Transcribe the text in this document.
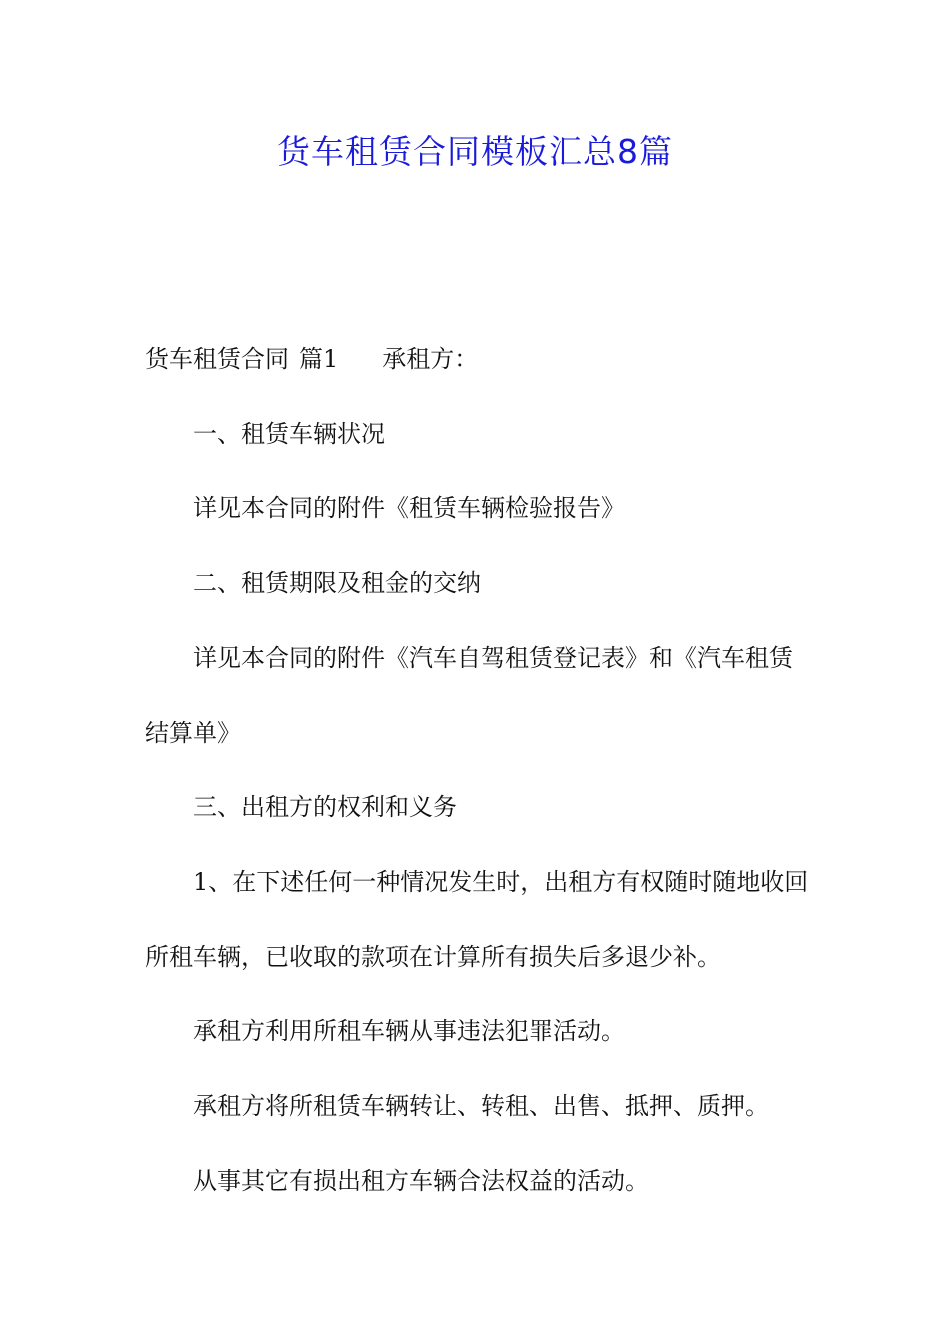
货车租赁合同模板汇总8篇

货车租赁合同 篇1 承租方：

一、租赁车辆状况

详见本合同的附件《租赁车辆检验报告》

二、租赁期限及租金的交纳

详见本合同的附件《汽车自驾租赁登记表》和《汽车租赁

结算单》

三、出租方的权利和义务

1、在下述任何一种情况发生时，出租方有权随时随地收回

所租车辆，已收取的款项在计算所有损失后多退少补。

承租方利用所租车辆从事违法犯罪活动。

承租方将所租赁车辆转让、转租、出售、抵押、质押。

从事其它有损出租方车辆合法权益的活动。
